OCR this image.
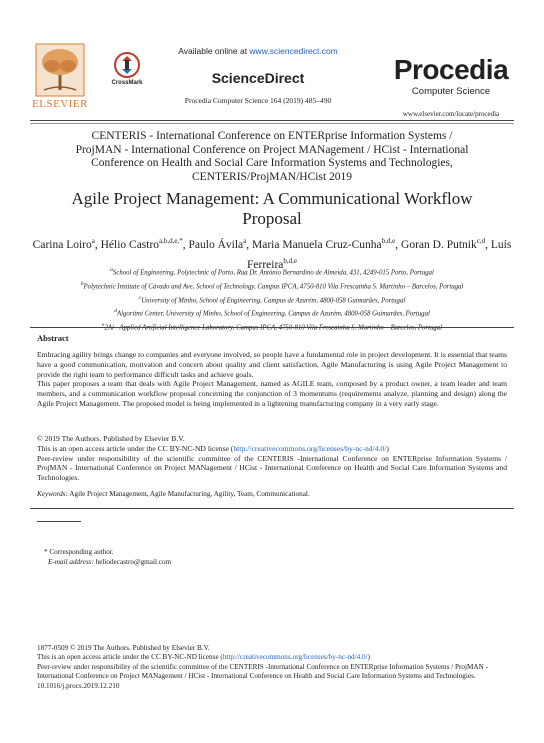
ELSEVIER
CrossMark
Available online at www.sciencedirect.com
ScienceDirect
Procedia Computer Science 164 (2019) 485–490
Procedia
Computer Science
www.elsevier.com/locate/procedia
CENTERIS - International Conference on ENTERprise Information Systems /
ProjMAN - International Conference on Project MANagement / HCist - International
Conference on Health and Social Care Information Systems and Technologies,
CENTERIS/ProjMAN/HCist 2019
Agile Project Management: A Communicational Workflow
Proposal
Carina Loiro$^a$, Hélio Castro$^{a,b,d,e,*}$, Paulo Ávila$^a$, Maria Manuela Cruz-Cunha$^{b,d,e}$, Goran D. Putnik$^{c,d}$, Luís Ferreira$^{b,d,e}$
$^a$School of Engineering, Polytechnic of Porto, Rua Dr. António Bernardino de Almeida, 431, 4249-015 Porto, Portugal
$^b$Polytechnic Institute of Cávado and Ave, School of Technology, Campus IPCA, 4750-810 Vila Frescainha S. Martinho – Barcelos, Portugal
$^c$University of Minho, School of Engineering, Campus de Azurém, 4800-058 Guimarães, Portugal
$^d$Algoritmi Center, University of Minho, School of Engineering, Campus de Azurém, 4800-058 Guimarães, Portugal
$^e$2Ai - Applied Artificial Intelligence Laboratory, Campus IPCA, 4750-810 Vila Frescainha S. Martinho – Barcelos, Portugal
Abstract

Embracing agility brings change to companies and everyone involved, so people have a fundamental role in project development. It is essential that teams have a good communication, motivation and concern about quality and client satisfaction, Agile Manufacturing is using Agile Project Management to provide the right team to performance difficult tasks and achieve goals.

This paper proposes a team that deals with Agile Project Management, named as AGILE team, composed by a product owner, a team leader and team members, and a communication workflow proposal concerning the conjunction of 3 momentums (requirements analyze, planning and design) along the Agile Project Management. The proposed model is being implemented in a lightening manufacturing company in a very early stage.

© 2019 The Authors. Published by Elsevier B.V.

This is an open access article under the CC BY-NC-ND license (http://creativecommons.org/licenses/by-nc-nd/4.0/)

Peer-review under responsibility of the scientific committee of the CENTERIS -International Conference on ENTERprise Information Systems / ProjMAN - International Conference on Project MANagement / HCist - International Conference on Health and Social Care Information Systems and Technologies.

Keywords: Agile Project Management, Agile Manufacturing, Agility, Team, Communicational.
* Corresponding author.
E-mail address: heliodecastro@gmail.com

1877-0509 © 2019 The Authors. Published by Elsevier B.V.

This is an open access article under the CC BY-NC-ND license (http://creativecommons.org/licenses/by-nc-nd/4.0/)

Peer-review under responsibility of the scientific committee of the CENTERIS -International Conference on ENTERprise Information Systems / ProjMAN - International Conference on Project MANagement / HCist - International Conference on Health and Social Care Information Systems and Technologies.

10.1016/j.procs.2019.12.210
